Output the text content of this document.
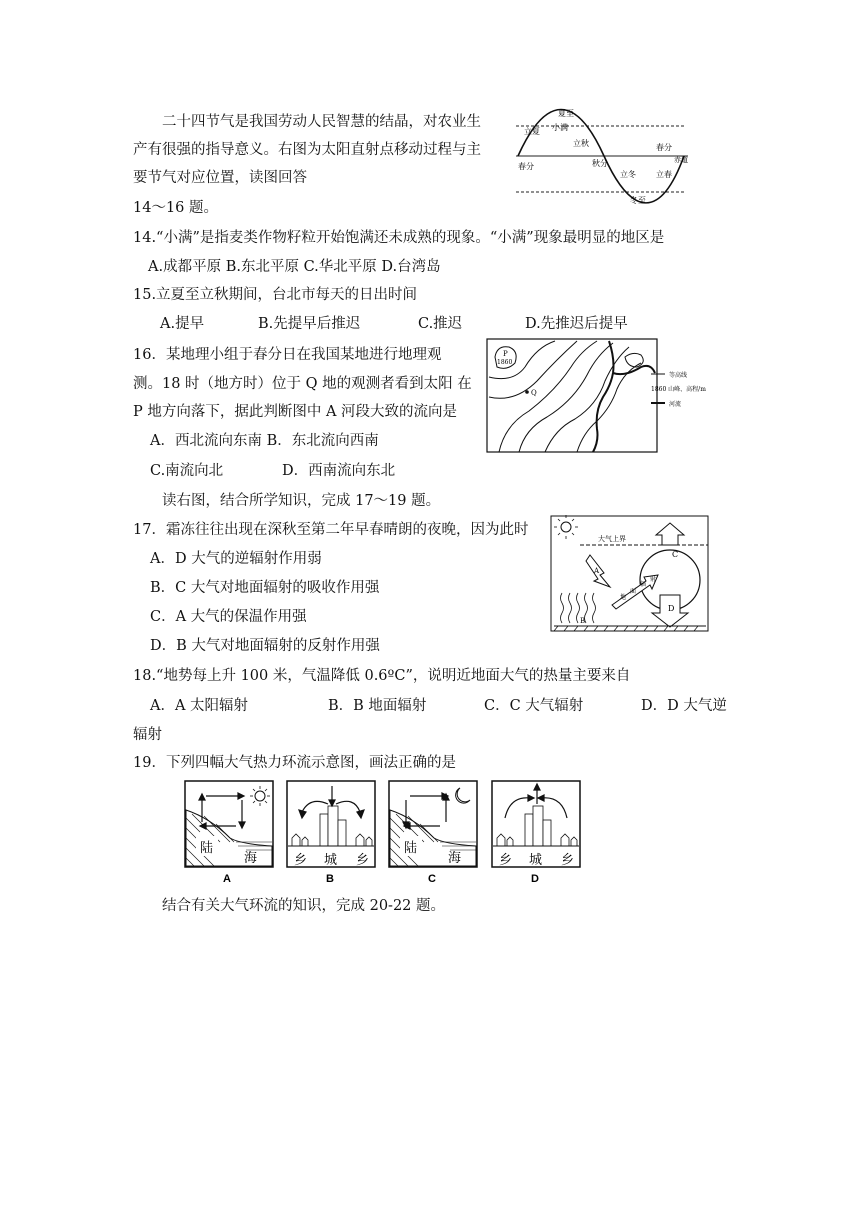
二十四节气是我国劳动人民智慧的结晶，对农业生
产有很强的指导意义。右图为太阳直射点移动过程与主
要节气对应位置，读图回答
14～16 题。
夏至
立夏 小满
立秋
春分	秋分
立冬
冬至
立春
春分
赤道
14.“小满”是指麦类作物籽粒开始饱满还未成熟的现象。“小满”现象最明显的地区是
A.成都平原 B.东北平原 C.华北平原 D.台湾岛
15.立夏至立秋期间，台北市每天的日出时间
A.提早	B.先提早后推迟	C.推迟	D.先推迟后提早
16．某地理小组于春分日在我国某地进行地理观
测。18 时（地方时）位于 Q 地的观测者看到太阳 在
P 地方向落下，据此判断图中 A 河段大致的流向是
A．西北流向东南 B．东北流向西南
C.南流向北	D．西南流向东北
P
1860
Q
等高线
1860 山峰、高程/m
河流
读右图，结合所学知识，完成 17～19 题。
17．霜冻往往出现在深秋至第二年早春晴朗的夜晚，因为此时
A．D 大气的逆辐射作用弱
B．C 大气对地面辐射的吸收作用强
C．A 大气的保温作用强
D．B 大气对地面辐射的反射作用强
大气上界
C
A
地
面
辐
射
D
B
18.“地势每上升 100 米，气温降低 0.6ºC”，说明近地面大气的热量主要来自
A．A 太阳辐射	B．B 地面辐射	C．C 大气辐射	D．D 大气逆
辐射
19．下列四幅大气热力环流示意图，画法正确的是
陆
海
A
乡 城 乡
B
陆
海
C
乡 城 乡
D
结合有关大气环流的知识，完成 20-22 题。
